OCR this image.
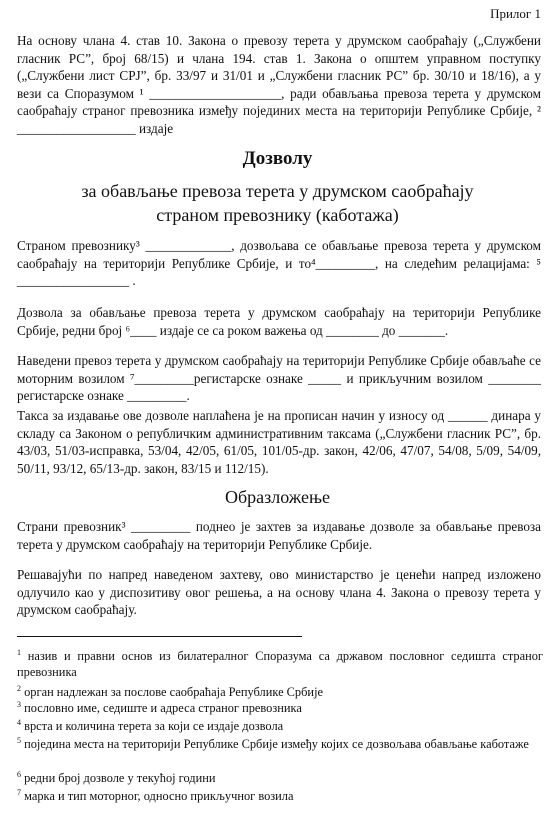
Прилог 1

На основу члана 4. став 10. Закона о превозу терета у друмском саобраћају („Службени гласник РС”, број 68/15) и члана 194. став 1. Закона о општем управном поступку („Службени лист СРЈ”, бр. 33/97 и 31/01 и „Службени гласник РС” бр. 30/10 и 18/16), а у вези са Споразумом ¹ ____________________, ради обављања превоза терета у друмском саобраћају страног превозника између појединих места на територији Републике Србије, ² __________________ издаје

Дозволу
за обављање превоза терета у друмском саобраћају
страном превознику (каботажа)

Страном превознику³ _____________, дозвољава се обављање превоза терета у друмском саобраћају на територији Републике Србије, и то⁴_________, на следећим релацијама: ⁵ _________________ .

Дозвола за обављање превоза терета у друмском саобраћају на територији Републике Србије, редни број ⁶____ издаје се са роком важења од ________ до _______.

Наведени превоз терета у друмском саобраћају на територији Републике Србије обављаће се моторним возилом ⁷_________регистарске ознаке _____ и прикључним возилом ________ регистарске ознаке _________.

Такса за издавање ове дозволе наплаћена је на прописан начин у износу од ______ динара у складу са Законом о републичким административним таксама („Службени гласник РС”, бр. 43/03, 51/03-исправка, 53/04, 42/05, 61/05, 101/05-др. закон, 42/06, 47/07, 54/08, 5/09, 54/09, 50/11, 93/12, 65/13-др. закон, 83/15 и 112/15).

Образложење

Страни превозник³ _________ поднео је захтев за издавање дозволе за обављање превоза терета у друмском саобраћају на територији Републике Србије.

Решавајући по напред наведеном захтеву, ово министарство је ценећи напред изложено одлучило као у диспозитиву овог решења, а на основу члана 4. Закона о превозу терета у друмском саобраћају.

$^1$ назив и правни основ из билатералног Споразума са државом пословног седишта страног превозника

$^2$ орган надлежан за послове саобраћаја Републике Србије

$^3$ пословно име, седиште и адреса страног превозника

$^4$ врста и количина терета за који се издаје дозвола

$^5$ поједина места на територији Републике Србије између којих се дозвољава обављање каботаже

$^6$ редни број дозволе у текућој години

$^7$ марка и тип моторног, односно прикључног возила
